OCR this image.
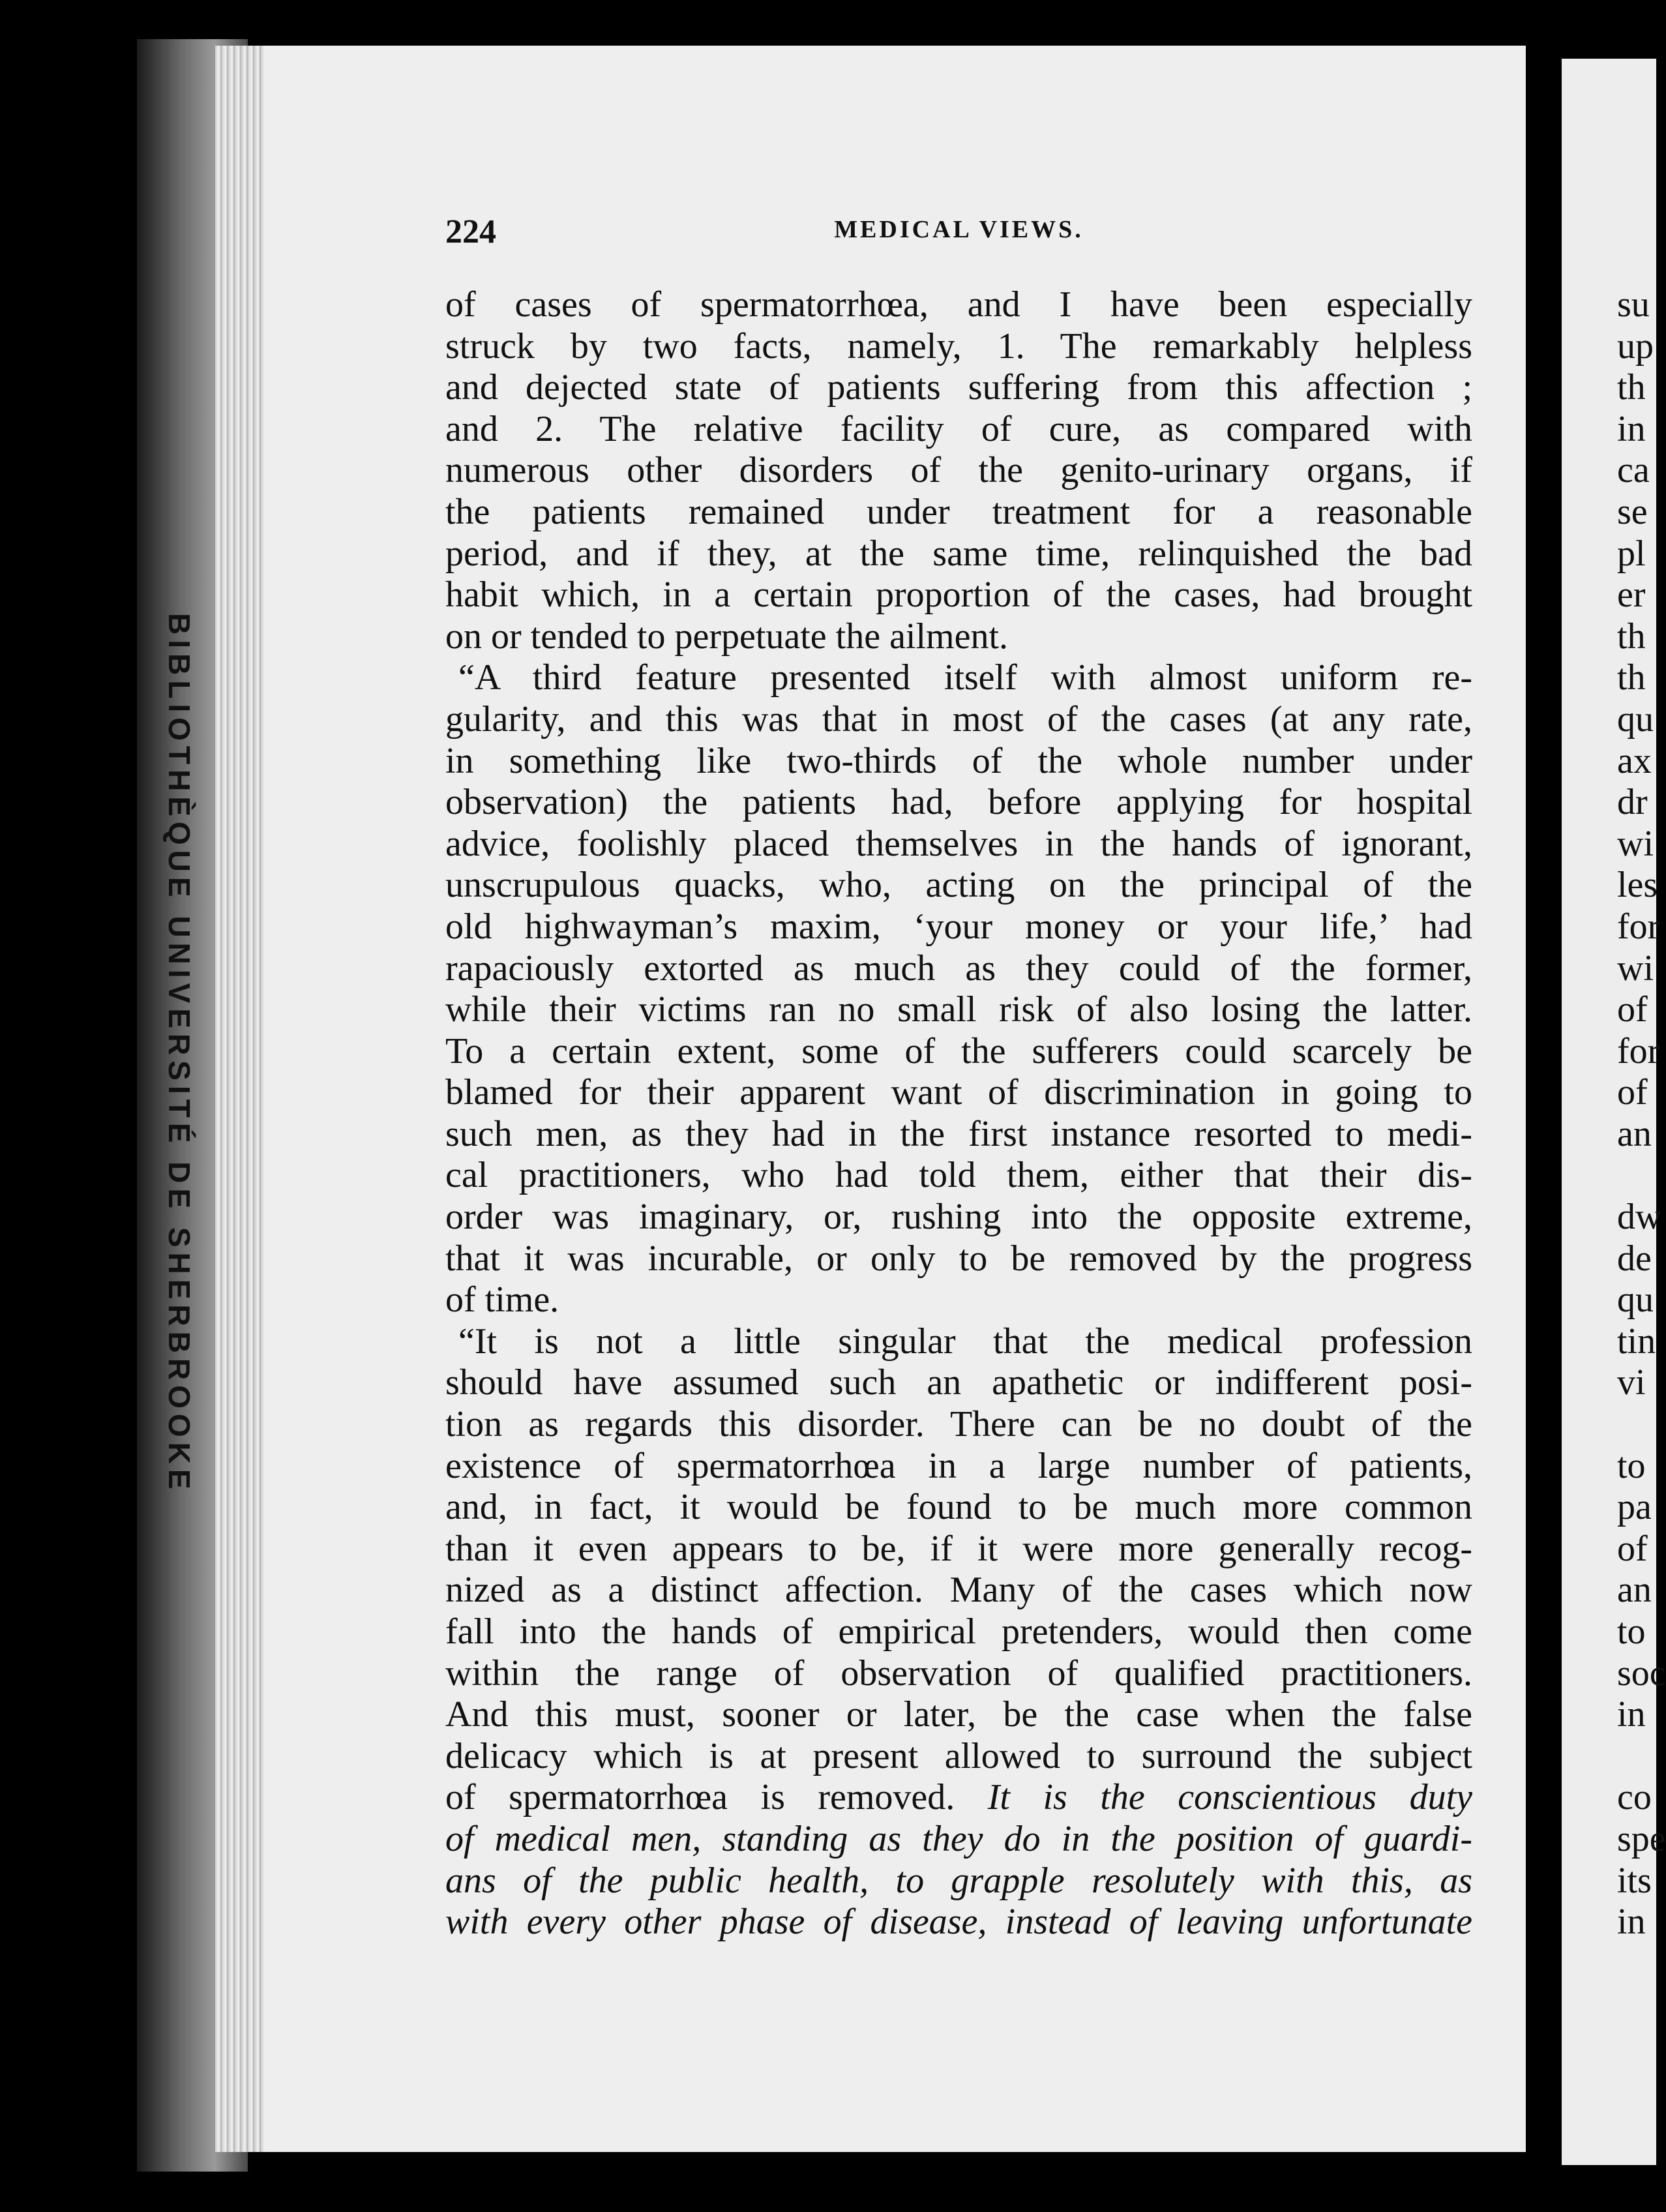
BIBLIOTHÈQUE UNIVERSITÉ DE SHERBROOKE
224	MEDICAL VIEWS.
of cases of spermatorrhœa, and I have been especially
struck by two facts, namely, 1. The remarkably helpless
and dejected state of patients suffering from this affection ;
and 2. The relative facility of cure, as compared with
numerous other disorders of the genito-urinary organs, if
the patients remained under treatment for a reasonable
period, and if they, at the same time, relinquished the bad
habit which, in a certain proportion of the cases, had brought
on or tended to perpetuate the ailment.
“A third feature presented itself with almost uniform re-
gularity, and this was that in most of the cases (at any rate,
in something like two-thirds of the whole number under
observation) the patients had, before applying for hospital
advice, foolishly placed themselves in the hands of ignorant,
unscrupulous quacks, who, acting on the principal of the
old highwayman’s maxim, ‘your money or your life,’ had
rapaciously extorted as much as they could of the former,
while their victims ran no small risk of also losing the latter.
To a certain extent, some of the sufferers could scarcely be
blamed for their apparent want of discrimination in going to
such men, as they had in the first instance resorted to medi-
cal practitioners, who had told them, either that their dis-
order was imaginary, or, rushing into the opposite extreme,
that it was incurable, or only to be removed by the progress
of time.
“It is not a little singular that the medical profession
should have assumed such an apathetic or indifferent posi-
tion as regards this disorder. There can be no doubt of the
existence of spermatorrhœa in a large number of patients,
and, in fact, it would be found to be much more common
than it even appears to be, if it were more generally recog-
nized as a distinct affection. Many of the cases which now
fall into the hands of empirical pretenders, would then come
within the range of observation of qualified practitioners.
And this must, sooner or later, be the case when the false
delicacy which is at present allowed to surround the subject
of spermatorrhœa is removed. It is the conscientious duty
of medical men, standing as they do in the position of guardi-
ans of the public health, to grapple resolutely with this, as
with every other phase of disease, instead of leaving unfortunate
su
up
th
in
ca
se
pl
er
th
th
qu
ax
dr
wi
les
for
wi
of
for
of
an
dw
de
qu
tin
vi
to
pa
of
an
to
soc
in
co
spe
its
in
